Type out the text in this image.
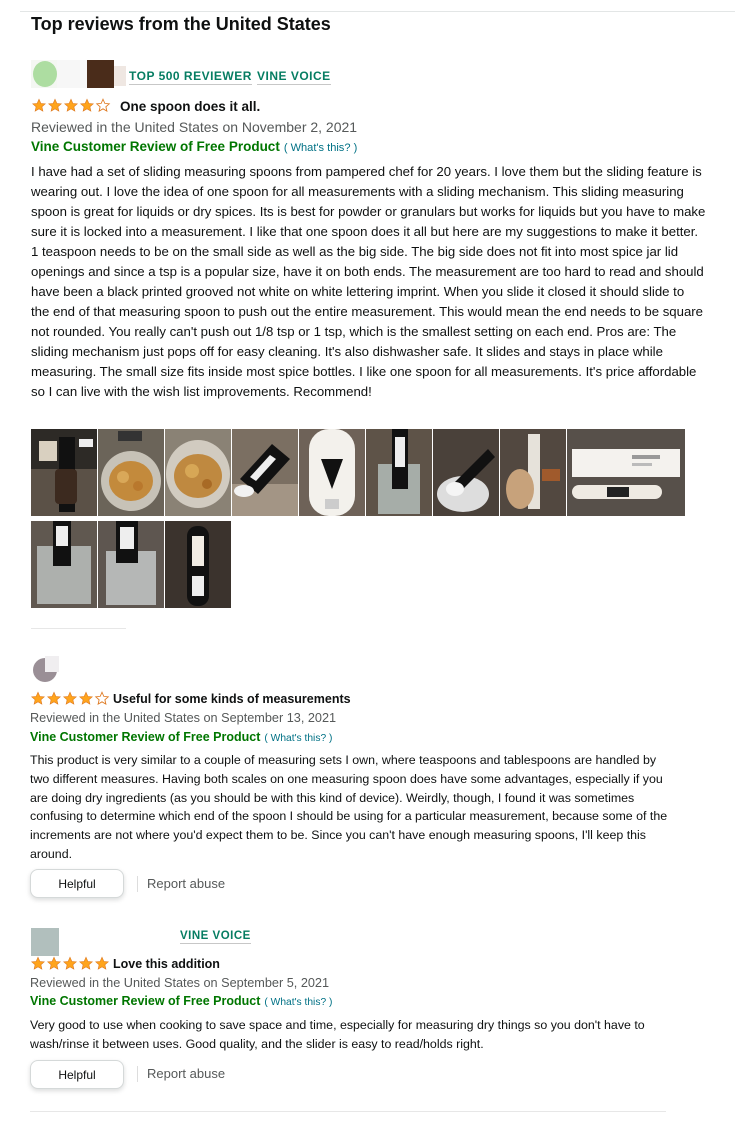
Top reviews from the United States
TOP 500 REVIEWER VINE VOICE
One spoon does it all.
Reviewed in the United States on November 2, 2021
Vine Customer Review of Free Product ( What's this? )
I have had a set of sliding measuring spoons from pampered chef for 20 years. I love them but the sliding feature is wearing out. I love the idea of one spoon for all measurements with a sliding mechanism. This sliding measuring spoon is great for liquids or dry spices. Its is best for powder or granulars but works for liquids but you have to make sure it is locked into a measurement. I like that one spoon does it all but here are my suggestions to make it better. 1 teaspoon needs to be on the small side as well as the big side. The big side does not fit into most spice jar lid openings and since a tsp is a popular size, have it on both ends. The measurement are too hard to read and should have been a black printed grooved not white on white lettering imprint. When you slide it closed it should slide to the end of that measuring spoon to push out the entire measurement. This would mean the end needs to be square not rounded. You really can't push out 1/8 tsp or 1 tsp, which is the smallest setting on each end. Pros are: The sliding mechanism just pops off for easy cleaning. It's also dishwasher safe. It slides and stays in place while measuring. The small size fits inside most spice bottles. I like one spoon for all measurements. It's price affordable so I can live with the wish list improvements. Recommend!
Useful for some kinds of measurements
Reviewed in the United States on September 13, 2021
Vine Customer Review of Free Product ( What's this? )
This product is very similar to a couple of measuring sets I own, where teaspoons and tablespoons are handled by two different measures. Having both scales on one measuring spoon does have some advantages, especially if you are doing dry ingredients (as you should be with this kind of device). Weirdly, though, I found it was sometimes confusing to determine which end of the spoon I should be using for a particular measurement, because some of the increments are not where you'd expect them to be. Since you can't have enough measuring spoons, I'll keep this around.
Helpful	Report abuse
VINE VOICE
Love this addition
Reviewed in the United States on September 5, 2021
Vine Customer Review of Free Product ( What's this? )
Very good to use when cooking to save space and time, especially for measuring dry things so you don't have to wash/rinse it between uses. Good quality, and the slider is easy to read/holds right.
Helpful	Report abuse
